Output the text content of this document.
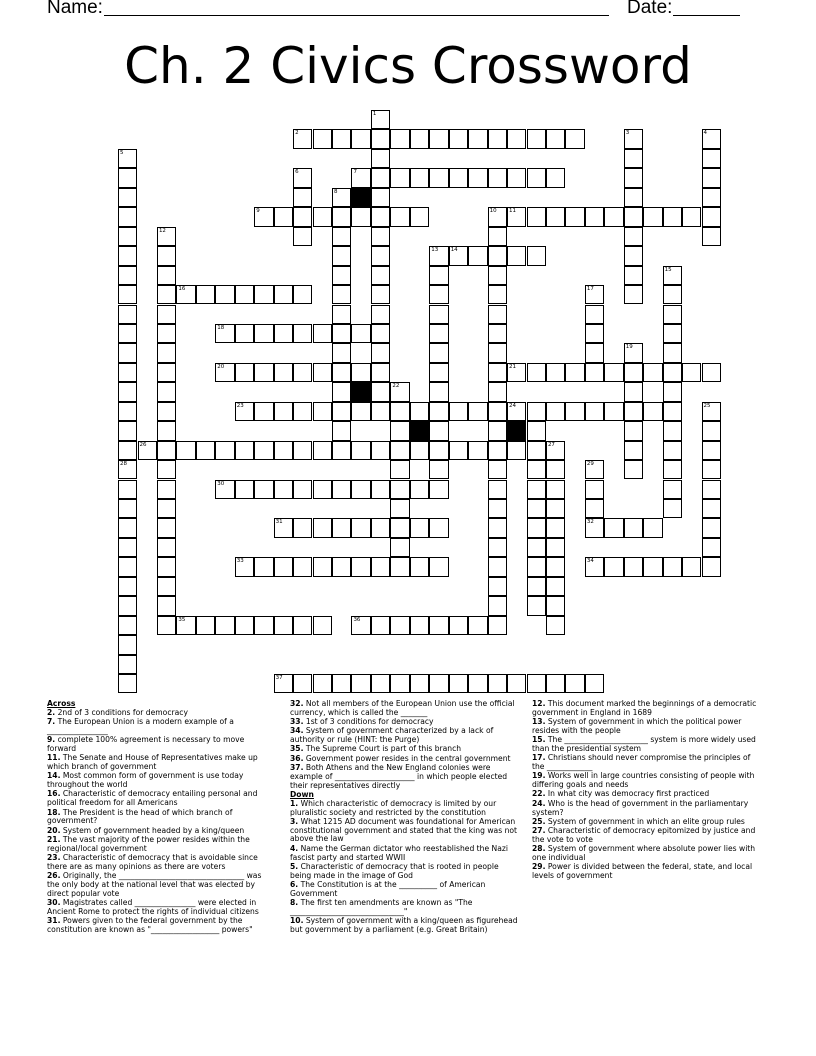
Name:	Date:
Ch. 2 Civics Crossword
2
7
9	11
14
16
18
20	21
23	24
26
30
31	32
33	34
35	36
37
1
3	4
5
28
6
8
10
12
13
15
17
19
22
25
27
29
Across
2. 2nd of 3 conditions for democracy
7. The European Union is a modern example of a ________________
9. complete 100% agreement is necessary to move forward
11. The Senate and House of Representatives make up which branch of government
14. Most common form of government is use today throughout the world
16. Characteristic of democracy entailing personal and political freedom for all Americans
18. The President is the head of which branch of government?
20. System of government headed by a king/queen
21. The vast majority of the power resides within the regional/local government
23. Characteristic of democracy that is avoidable since there are as many opinions as there are voters
26. Originally, the _________________________________ was the only body at the national level that was elected by direct popular vote
30. Magistrates called ________________ were elected in Ancient Rome to protect the rights of individual citizens
31. Powers given to the federal government by the constitution are known as "__________________ powers"
32. Not all members of the European Union use the official currency, which is called the _______
33. 1st of 3 conditions for democracy
34. System of government characterized by a lack of authority or rule (HINT: the Purge)
35. The Supreme Court is part of this branch
36. Government power resides in the central government
37. Both Athens and the New England colonies were example of _____________________ in which people elected their representatives directly
Down
1. Which characteristic of democracy is limited by our pluralistic society and restricted by the constitution
3. What 1215 AD document was foundational for American constitutional government and stated that the king was not above the law
4. Name the German dictator who reestablished the Nazi fascist party and started WWII
5. Characteristic of democracy that is rooted in people being made in the image of God
6. The Constitution is at the __________ of American Government
8. The first ten amendments are known as "The ______________________________"
10. System of government with a king/queen as figurehead but government by a parliament (e.g. Great Britain)
12. This document marked the beginnings of a democratic government in England in 1689
13. System of government in which the political power resides with the people
15. The ______________________ system is more widely used than the presidential system
17. Christians should never compromise the principles of the ____________
19. Works well in large countries consisting of people with differing goals and needs
22. In what city was democracy first practiced
24. Who is the head of government in the parliamentary system?
25. System of government in which an elite group rules
27. Characteristic of democracy epitomized by justice and the vote to vote
28. System of government where absolute power lies with one individual
29. Power is divided between the federal, state, and local levels of government
